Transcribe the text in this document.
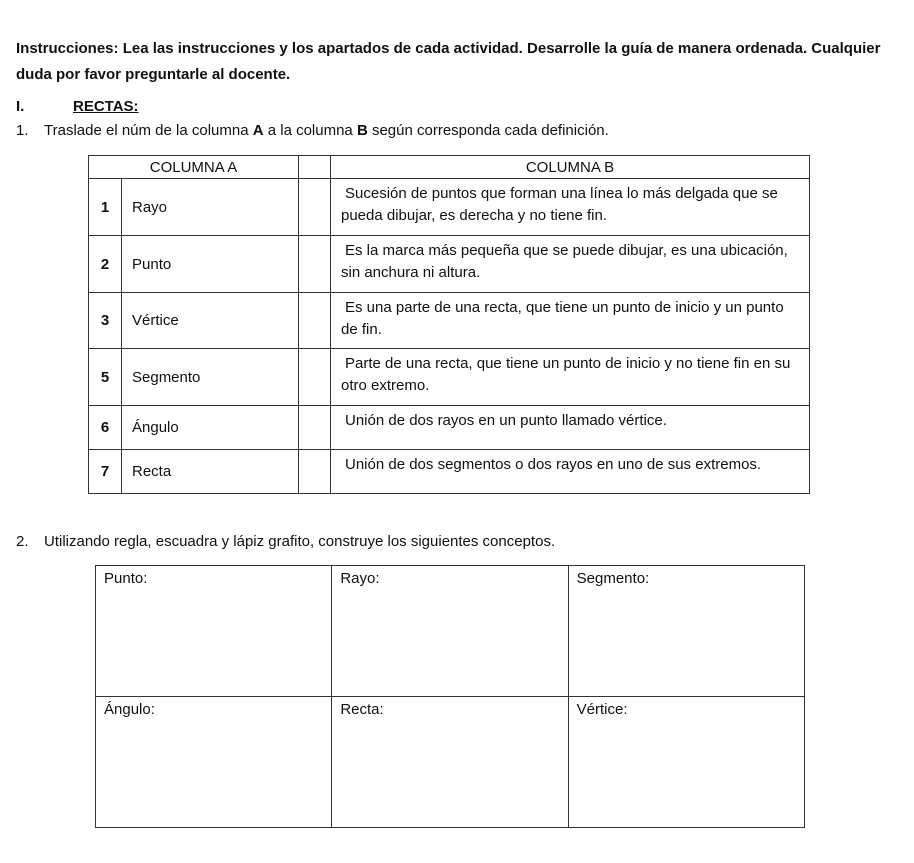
Instrucciones: Lea las instrucciones y los apartados de cada actividad. Desarrolle la guía de manera ordenada. Cualquier duda por favor preguntarle al docente.
I.	RECTAS:
1. Traslade el núm de la columna A a la columna B según corresponda cada definición.
COLUMNA A			COLUMNA B
1	Rayo		Sucesión de puntos que forman una línea lo más delgada que se pueda dibujar, es derecha y no tiene fin.

2	Punto		Es la marca más pequeña que se puede dibujar, es una ubicación, sin anchura ni altura.

3	Vértice		Es una parte de una recta, que tiene un punto de inicio y un punto de fin.

5	Segmento		Parte de una recta, que tiene un punto de inicio y no tiene fin en su otro extremo.

6	Ángulo		Unión de dos rayos en un punto llamado vértice.

7	Recta		Unión de dos segmentos o dos rayos en uno de sus extremos.
2. Utilizando regla, escuadra y lápiz grafito, construye los siguientes conceptos.
Punto:	Rayo:	Segmento:
Ángulo:	Recta:	Vértice:
